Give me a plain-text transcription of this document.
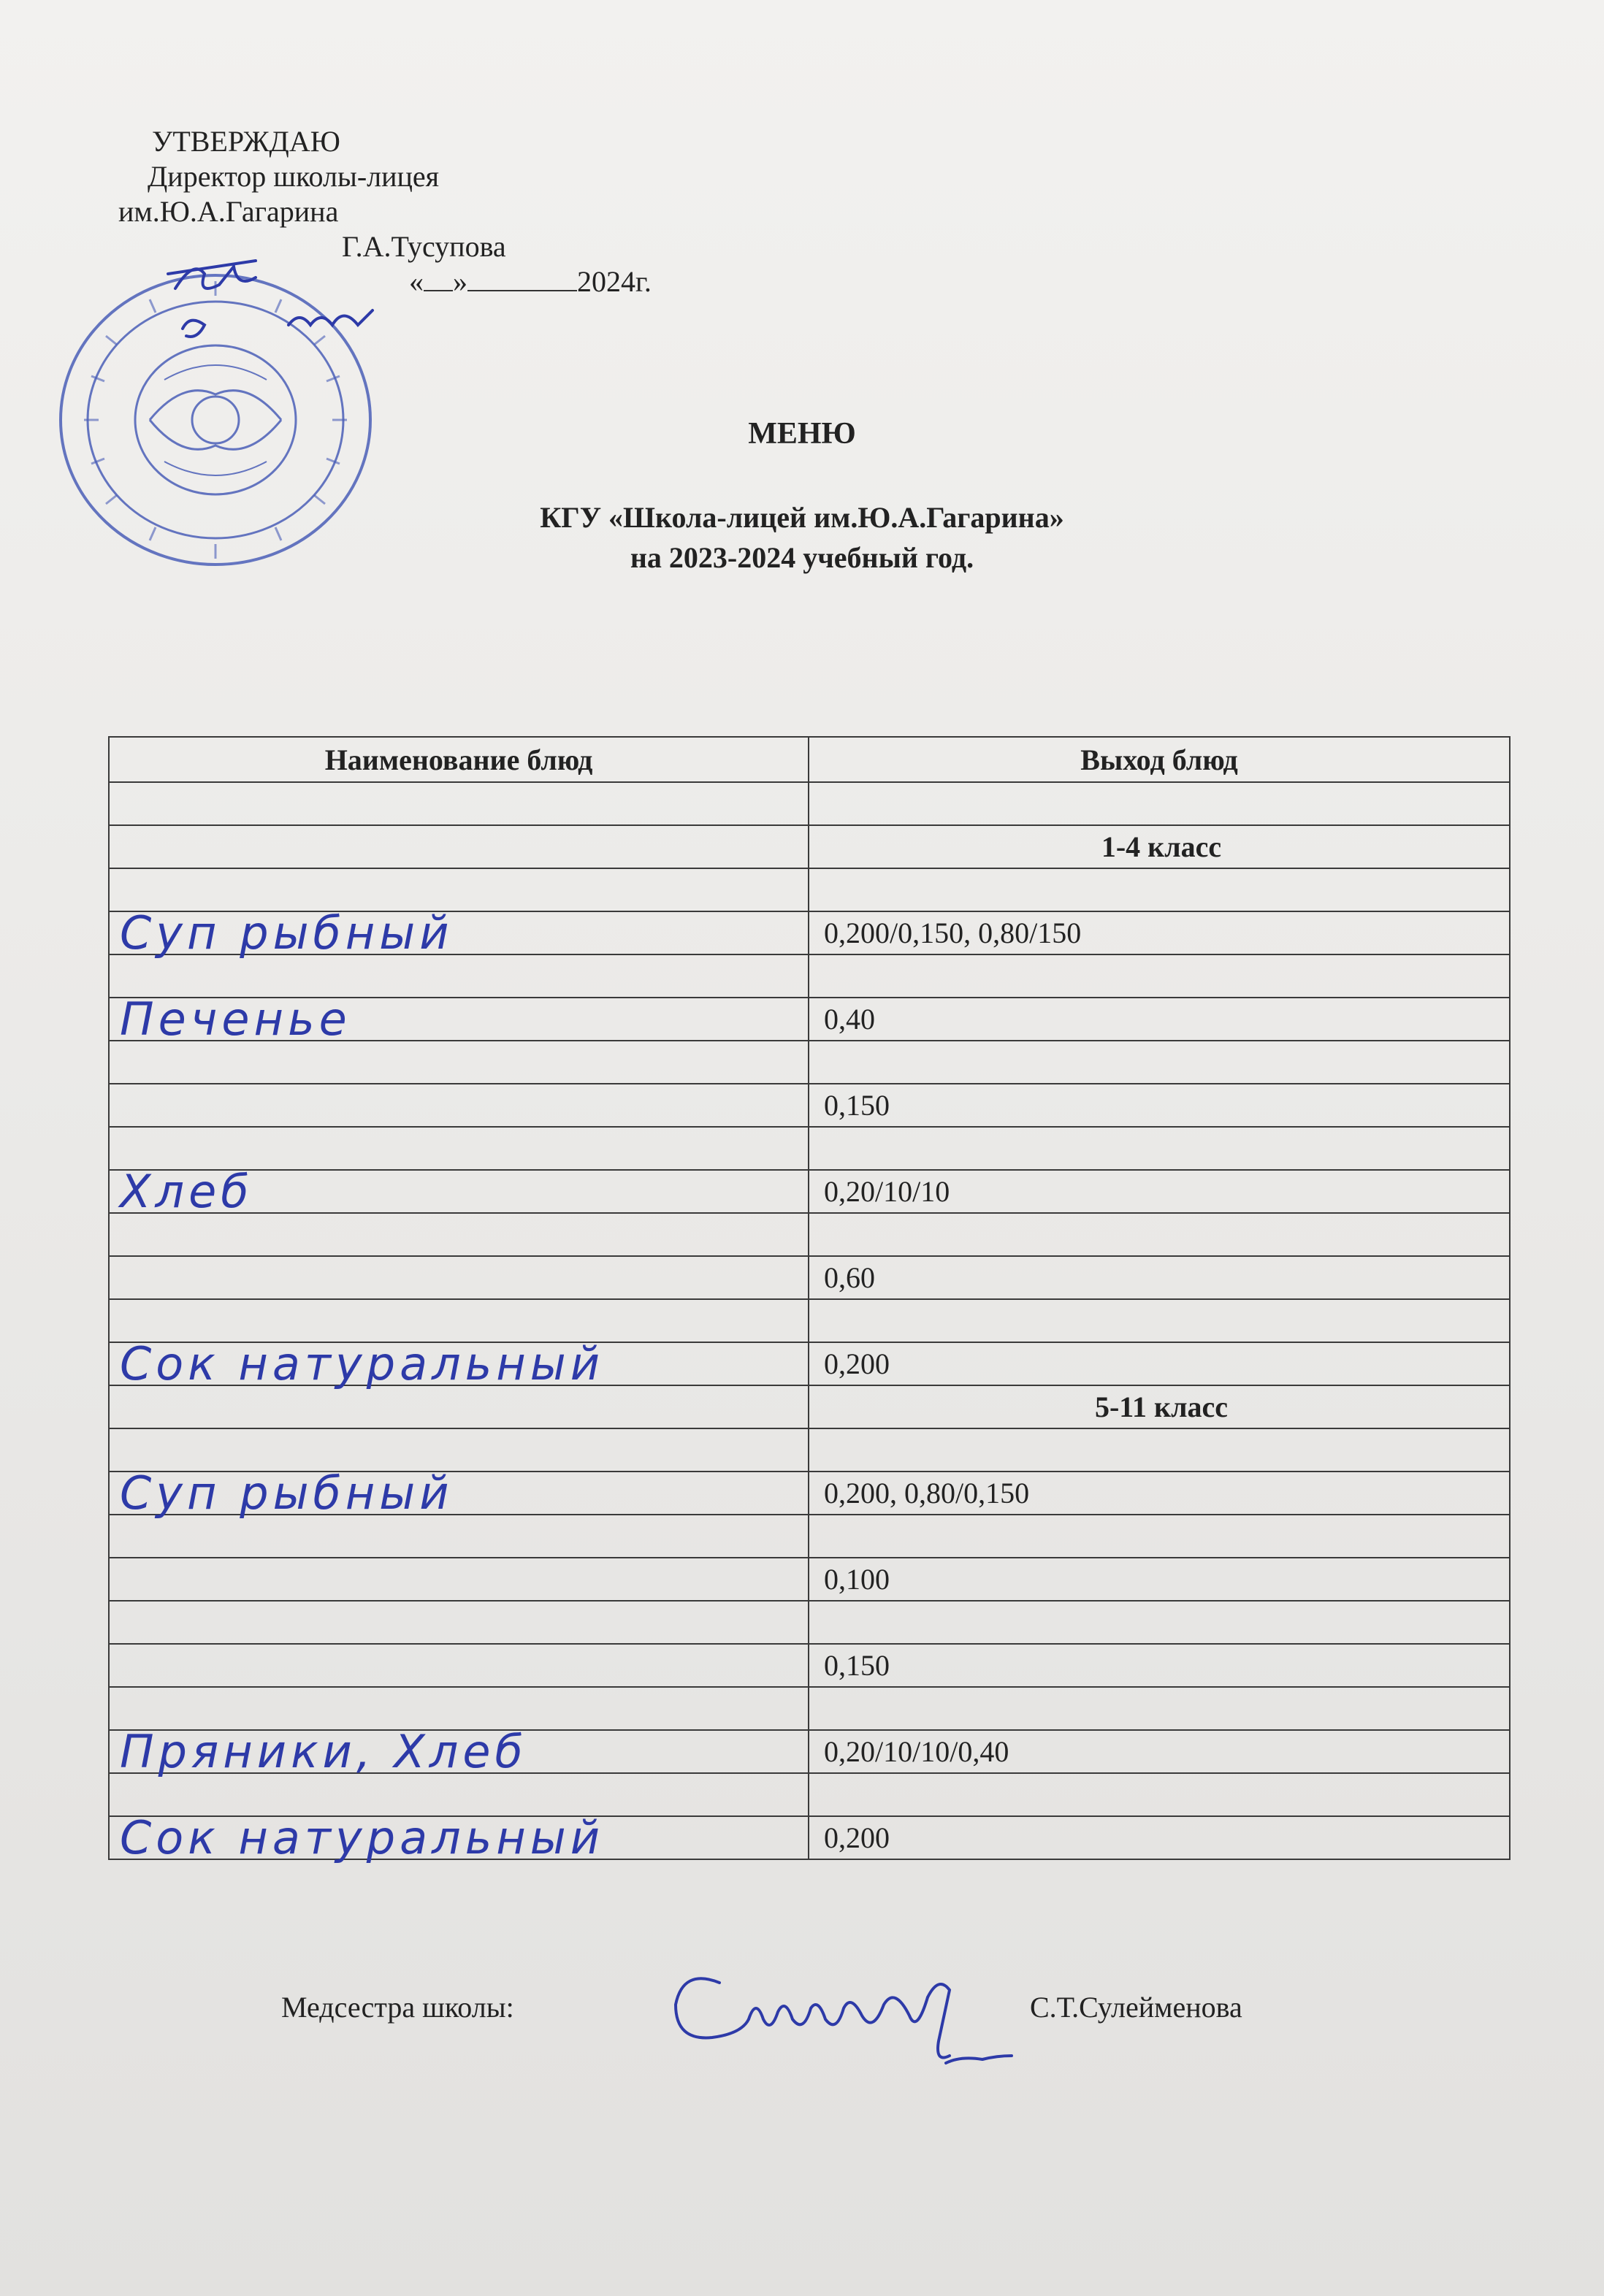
УТВЕРЖДАЮ
Директор школы-лицея
им.Ю.А.Гагарина
Г.А.Тусупова
« »	2024г.
МЕНЮ
КГУ «Школа-лицей им.Ю.А.Гагарина»
на 2023-2024 учебный год.
Наименование блюд	Выход блюд

	1-4 класс

Суп рыбный	0,200/0,150, 0,80/150

Печенье	0,40

	0,150

Хлеб	0,20/10/10

	0,60

Сок натуральный	0,200
	5-11 класс

Суп рыбный	0,200, 0,80/0,150

	0,100

	0,150

Пряники, Хлеб	0,20/10/10/0,40

Сок натуральный	0,200
Медсестра школы:	С.Т.Сулейменова
